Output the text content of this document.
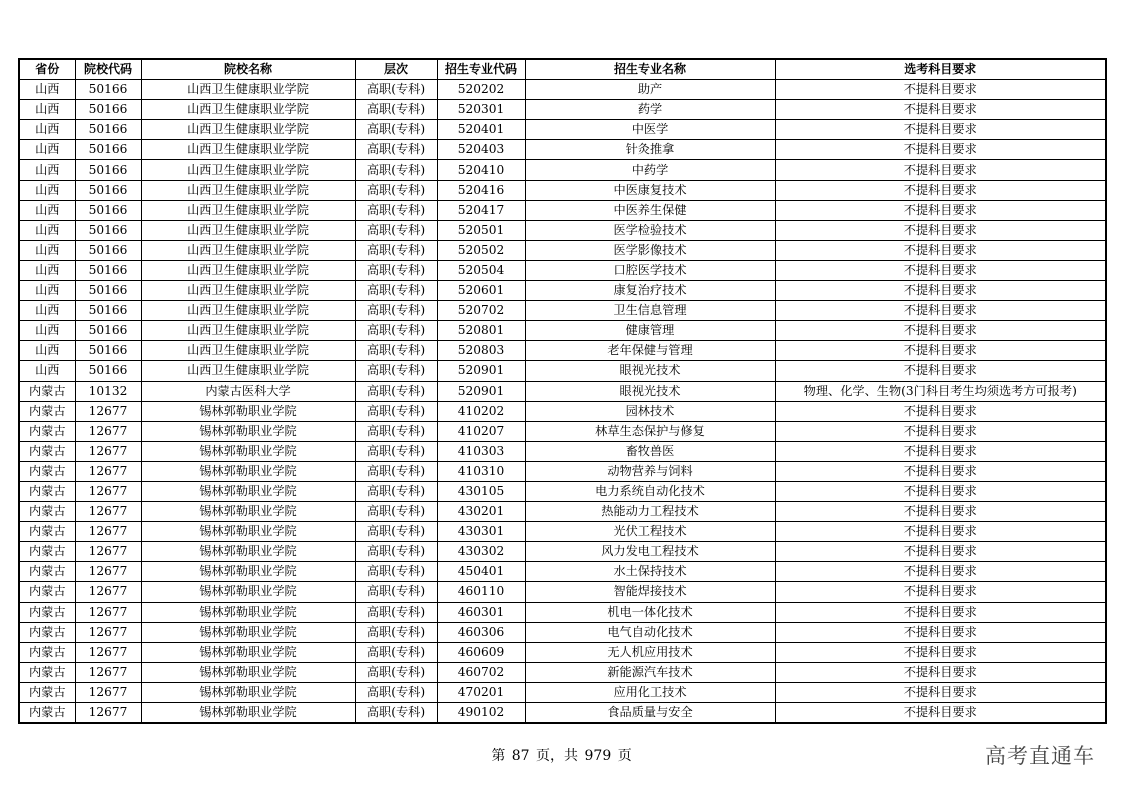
省份	院校代码	院校名称	层次	招生专业代码	招生专业名称	选考科目要求
山西	50166	山西卫生健康职业学院	高职(专科)	520202	助产	不提科目要求
山西	50166	山西卫生健康职业学院	高职(专科)	520301	药学	不提科目要求
山西	50166	山西卫生健康职业学院	高职(专科)	520401	中医学	不提科目要求
山西	50166	山西卫生健康职业学院	高职(专科)	520403	针灸推拿	不提科目要求
山西	50166	山西卫生健康职业学院	高职(专科)	520410	中药学	不提科目要求
山西	50166	山西卫生健康职业学院	高职(专科)	520416	中医康复技术	不提科目要求
山西	50166	山西卫生健康职业学院	高职(专科)	520417	中医养生保健	不提科目要求
山西	50166	山西卫生健康职业学院	高职(专科)	520501	医学检验技术	不提科目要求
山西	50166	山西卫生健康职业学院	高职(专科)	520502	医学影像技术	不提科目要求
山西	50166	山西卫生健康职业学院	高职(专科)	520504	口腔医学技术	不提科目要求
山西	50166	山西卫生健康职业学院	高职(专科)	520601	康复治疗技术	不提科目要求
山西	50166	山西卫生健康职业学院	高职(专科)	520702	卫生信息管理	不提科目要求
山西	50166	山西卫生健康职业学院	高职(专科)	520801	健康管理	不提科目要求
山西	50166	山西卫生健康职业学院	高职(专科)	520803	老年保健与管理	不提科目要求
山西	50166	山西卫生健康职业学院	高职(专科)	520901	眼视光技术	不提科目要求
内蒙古	10132	内蒙古医科大学	高职(专科)	520901	眼视光技术	物理、化学、生物(3门科目考生均须选考方可报考)
内蒙古	12677	锡林郭勒职业学院	高职(专科)	410202	园林技术	不提科目要求
内蒙古	12677	锡林郭勒职业学院	高职(专科)	410207	林草生态保护与修复	不提科目要求
内蒙古	12677	锡林郭勒职业学院	高职(专科)	410303	畜牧兽医	不提科目要求
内蒙古	12677	锡林郭勒职业学院	高职(专科)	410310	动物营养与饲料	不提科目要求
内蒙古	12677	锡林郭勒职业学院	高职(专科)	430105	电力系统自动化技术	不提科目要求
内蒙古	12677	锡林郭勒职业学院	高职(专科)	430201	热能动力工程技术	不提科目要求
内蒙古	12677	锡林郭勒职业学院	高职(专科)	430301	光伏工程技术	不提科目要求
内蒙古	12677	锡林郭勒职业学院	高职(专科)	430302	风力发电工程技术	不提科目要求
内蒙古	12677	锡林郭勒职业学院	高职(专科)	450401	水土保持技术	不提科目要求
内蒙古	12677	锡林郭勒职业学院	高职(专科)	460110	智能焊接技术	不提科目要求
内蒙古	12677	锡林郭勒职业学院	高职(专科)	460301	机电一体化技术	不提科目要求
内蒙古	12677	锡林郭勒职业学院	高职(专科)	460306	电气自动化技术	不提科目要求
内蒙古	12677	锡林郭勒职业学院	高职(专科)	460609	无人机应用技术	不提科目要求
内蒙古	12677	锡林郭勒职业学院	高职(专科)	460702	新能源汽车技术	不提科目要求
内蒙古	12677	锡林郭勒职业学院	高职(专科)	470201	应用化工技术	不提科目要求
内蒙古	12677	锡林郭勒职业学院	高职(专科)	490102	食品质量与安全	不提科目要求
第 87 页，共 979 页	高考直通车
